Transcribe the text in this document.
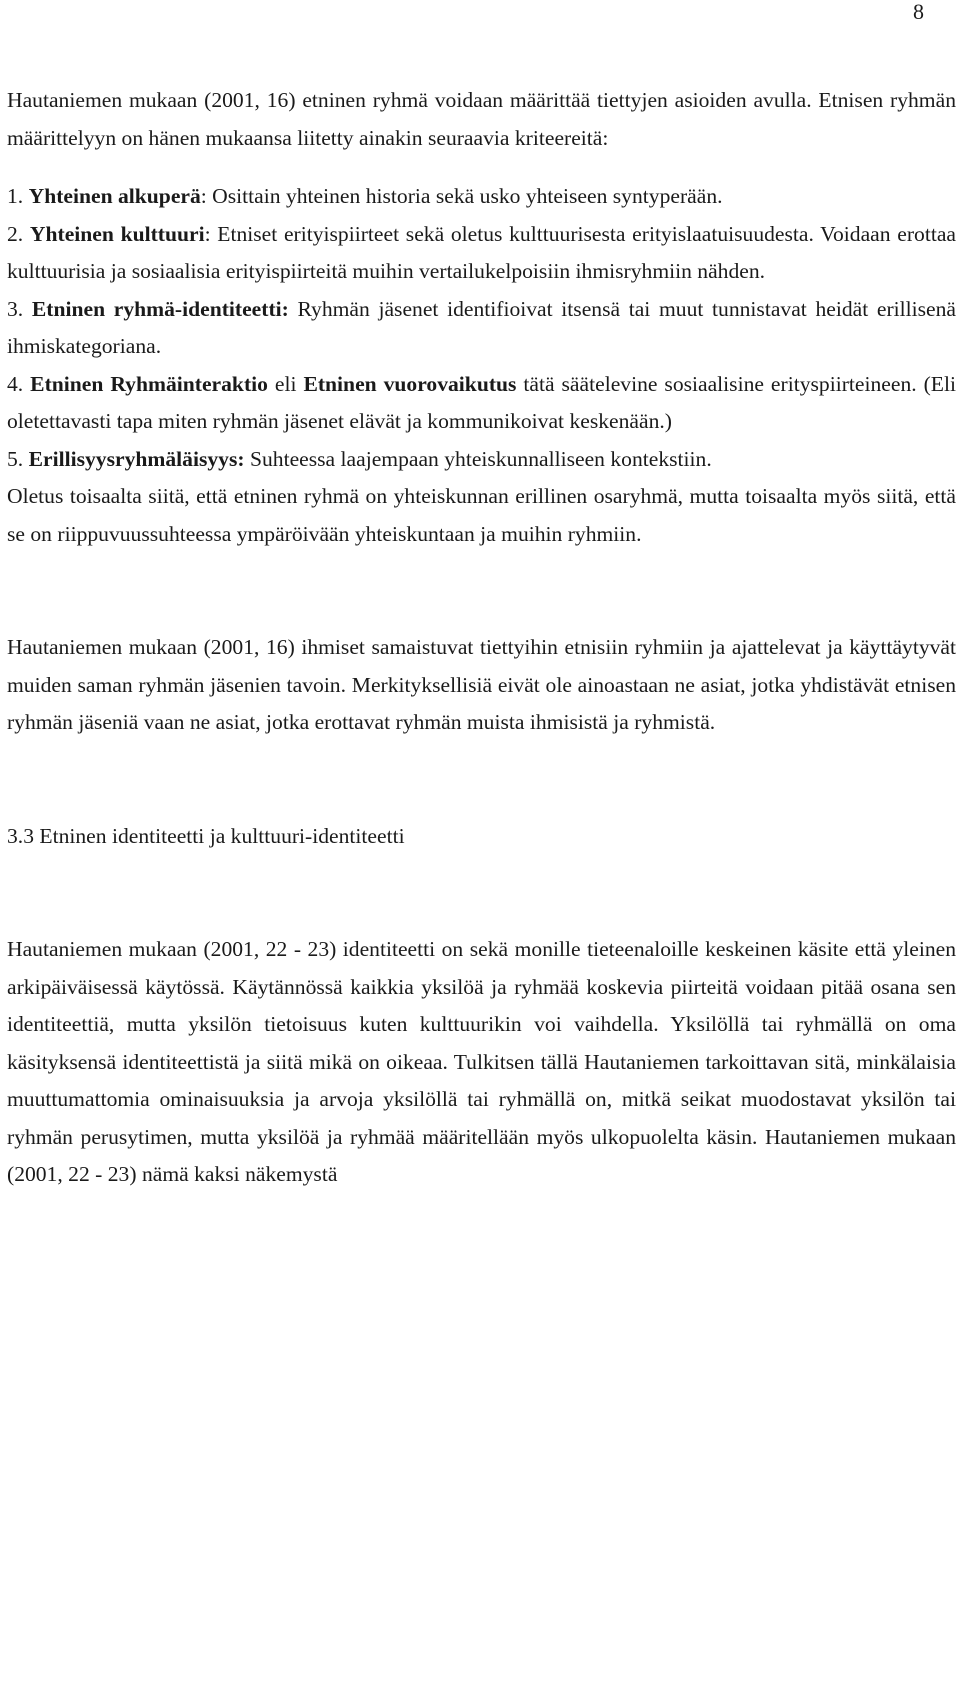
8

Hautaniemen mukaan (2001, 16) etninen ryhmä voidaan määrittää tiettyjen asioiden avulla. Etnisen ryhmän määrittelyyn on hänen mukaansa liitetty ainakin seuraavia kriteereitä:

1. Yhteinen alkuperä: Osittain yhteinen historia sekä usko yhteiseen syntyperään.

2. Yhteinen kulttuuri: Etniset erityispiirteet sekä oletus kulttuurisesta erityislaatuisuudesta. Voidaan erottaa kulttuurisia ja sosiaalisia erityispiirteitä muihin vertailukelpoisiin ihmisryhmiin nähden.

3. Etninen ryhmä-identiteetti: Ryhmän jäsenet identifioivat itsensä tai muut tunnistavat heidät erillisenä ihmiskategoriana.

4. Etninen Ryhmäinteraktio eli Etninen vuorovaikutus tätä säätelevine sosiaalisine erityspiirteineen. (Eli oletettavasti tapa miten ryhmän jäsenet elävät ja kommunikoivat keskenään.)

5. Erillisyysryhmäläisyys: Suhteessa laajempaan yhteiskunnalliseen kontekstiin.

Oletus toisaalta siitä, että etninen ryhmä on yhteiskunnan erillinen osaryhmä, mutta toisaalta myös siitä, että se on riippuvuussuhteessa ympäröivään yhteiskuntaan ja muihin ryhmiin.

Hautaniemen mukaan (2001, 16) ihmiset samaistuvat tiettyihin etnisiin ryhmiin ja ajattelevat ja käyttäytyvät muiden saman ryhmän jäsenien tavoin. Merkityksellisiä eivät ole ainoastaan ne asiat, jotka yhdistävät etnisen ryhmän jäseniä vaan ne asiat, jotka erottavat ryhmän muista ihmisistä ja ryhmistä.

3.3 Etninen identiteetti ja kulttuuri-identiteetti

Hautaniemen mukaan (2001, 22 - 23) identiteetti on sekä monille tieteenaloille keskeinen käsite että yleinen arkipäiväisessä käytössä. Käytännössä kaikkia yksilöä ja ryhmää koskevia piirteitä voidaan pitää osana sen identiteettiä, mutta yksilön tietoisuus kuten kulttuurikin voi vaihdella. Yksilöllä tai ryhmällä on oma käsityksensä identiteettistä ja siitä mikä on oikeaa. Tulkitsen tällä Hautaniemen tarkoittavan sitä, minkälaisia muuttumattomia ominaisuuksia ja arvoja yksilöllä tai ryhmällä on, mitkä seikat muodostavat yksilön tai ryhmän perusytimen, mutta yksilöä ja ryhmää määritellään myös ulkopuolelta käsin. Hautaniemen mukaan (2001, 22 - 23) nämä kaksi näkemystä
